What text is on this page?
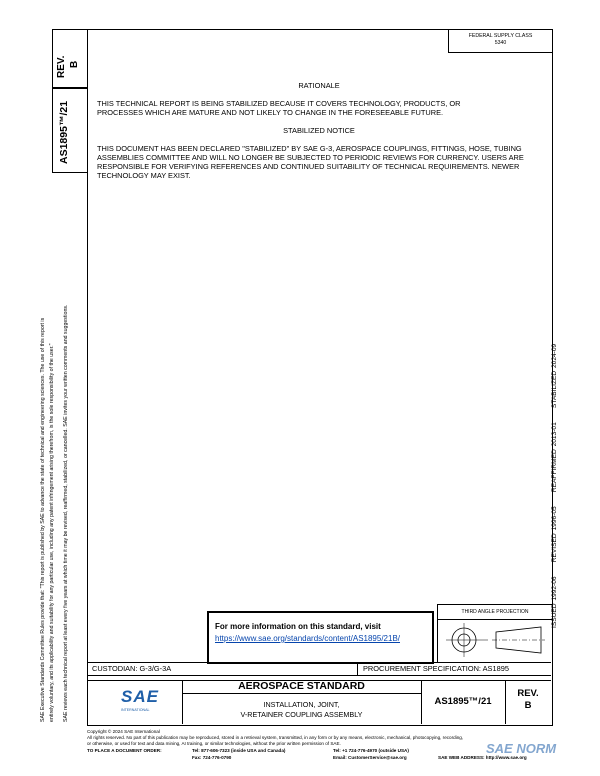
FEDERAL SUPPLY CLASS
5340
REV. B
AS1895™/21
SAE Executive Standards Committee Rules provide that: "This report is published by SAE to advance the state of technical and engineering sciences. The use of this report is entirely voluntary, and its applicability and suitability for any particular use, including any patent infringement arising therefrom, is the sole responsibility of the user." SAE reviews each technical report at least every five years at which time it may be revised, reaffirmed, stabilized, or cancelled. SAE invites your written comments and suggestions.
RATIONALE
THIS TECHNICAL REPORT IS BEING STABILIZED BECAUSE IT COVERS TECHNOLOGY, PRODUCTS, OR PROCESSES WHICH ARE MATURE AND NOT LIKELY TO CHANGE IN THE FORESEEABLE FUTURE.
STABILIZED NOTICE
THIS DOCUMENT HAS BEEN DECLARED "STABILIZED" BY SAE G-3, AEROSPACE COUPLINGS, FITTINGS, HOSE, TUBING ASSEMBLIES COMMITTEE AND WILL NO LONGER BE SUBJECTED TO PERIODIC REVIEWS FOR CURRENCY. USERS ARE RESPONSIBLE FOR VERIFYING REFERENCES AND CONTINUED SUITABILITY OF TECHNICAL REQUIREMENTS. NEWER TECHNOLOGY MAY EXIST.
ISSUED 1992-06     REVISED 1996-05     REAFFIRMED 2013-01     STABILIZED 2024-09
For more information on this standard, visit
https://www.sae.org/standards/content/AS1895/21B/
THIRD ANGLE PROJECTION
CUSTODIAN: G-3/G-3A	PROCUREMENT SPECIFICATION: AS1895
SAE
INTERNATIONAL
AEROSPACE STANDARD
INSTALLATION, JOINT,
V-RETAINER COUPLING ASSEMBLY
AS1895™/21
REV.
B
Copyright © 2024 SAE International
All rights reserved. No part of this publication may be reproduced, stored in a retrieval system, transmitted, in any form or by any means, electronic, mechanical, photocopying, recording,
or otherwise, or used for text and data mining, AI training, or similar technologies, without the prior written permission of SAE.
TO PLACE A DOCUMENT ORDER:	Tel: 877-606-7323 (inside USA and Canada)
Fax: 724-776-0790
Tel: +1 724-776-4970 (outside USA)
Email: CustomerService@sae.org	SAE WEB ADDRESS: http://www.sae.org
SAE NORM
